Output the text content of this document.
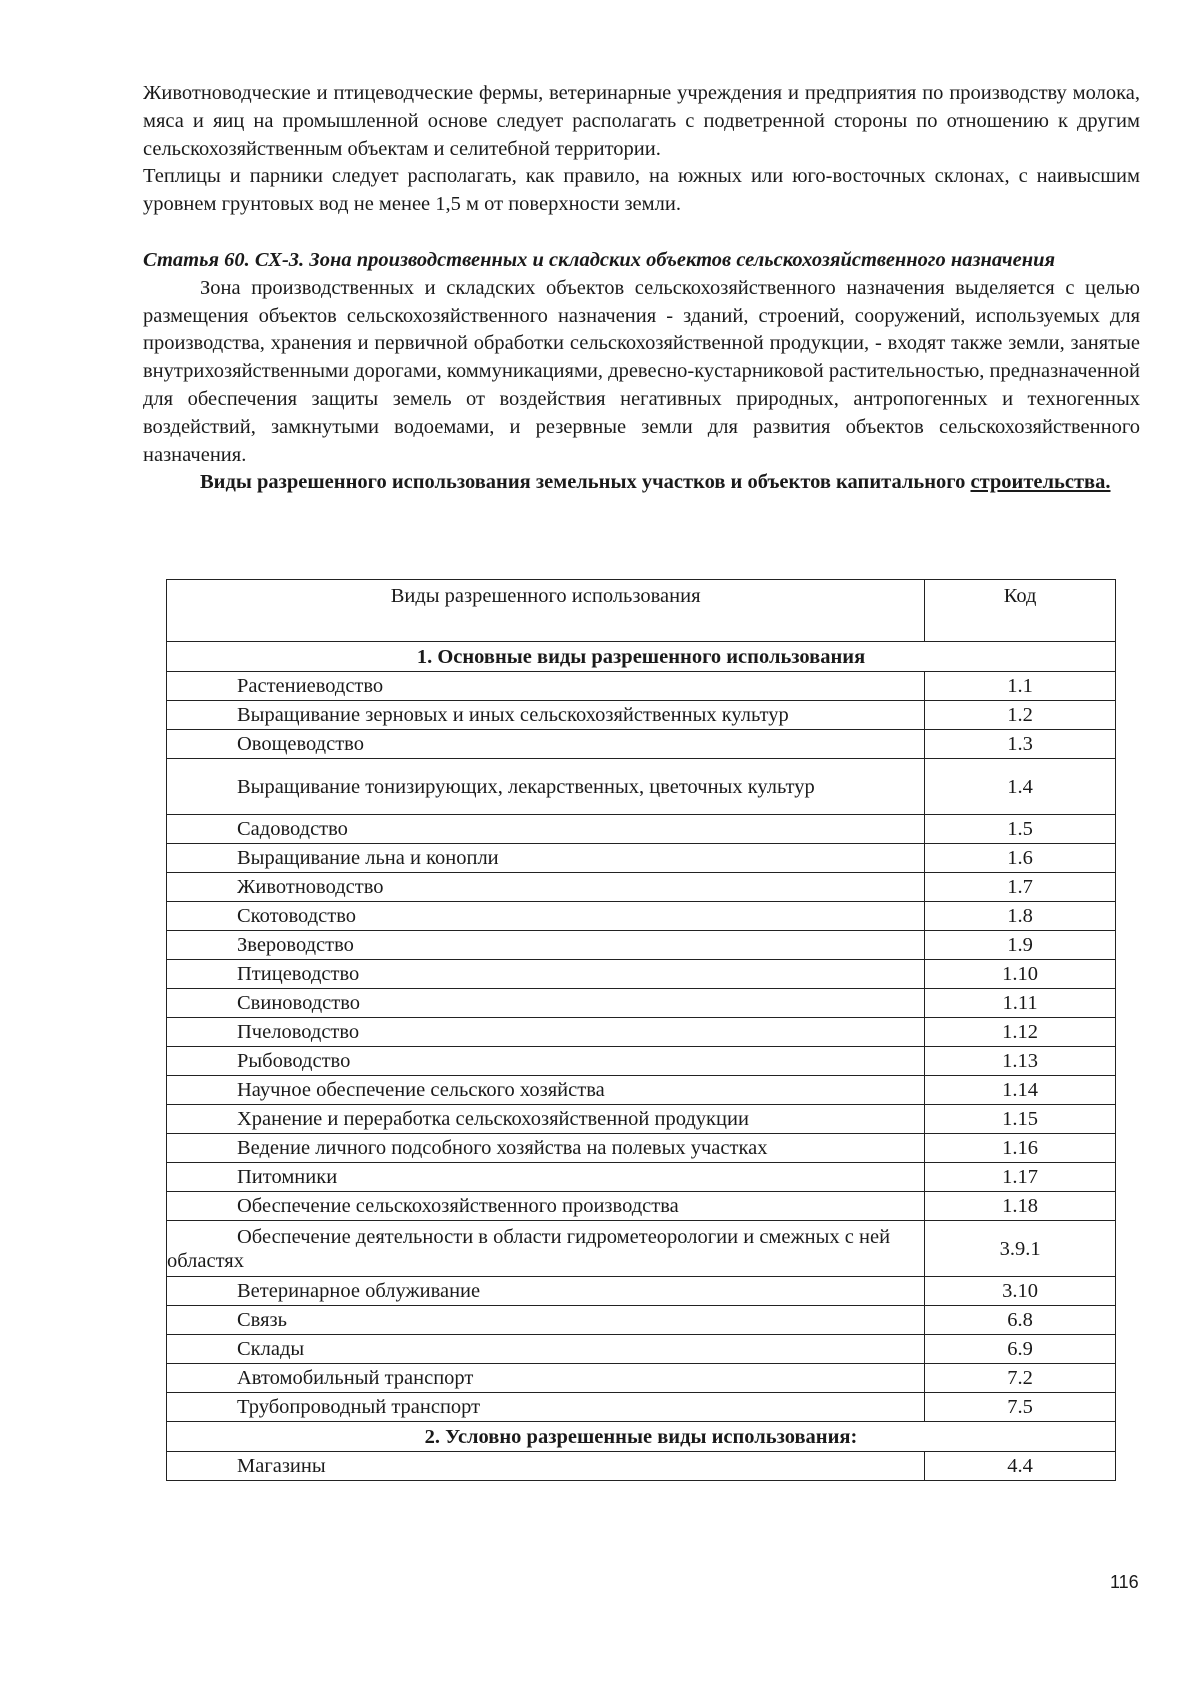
Животноводческие и птицеводческие фермы, ветеринарные учреждения и предприятия по производству молока, мяса и яиц на промышленной основе следует располагать с подветренной стороны по отношению к другим сельскохозяйственным объектам и селитебной территории.

Теплицы и парники следует располагать, как правило, на южных или юго-восточных склонах, с наивысшим уровнем грунтовых вод не менее 1,5 м от поверхности земли.

Статья 60. СХ-3. Зона производственных и складских объектов сельскохозяйственного назначения

Зона производственных и складских объектов сельскохозяйственного назначения выделяется с целью размещения объектов сельскохозяйственного назначения - зданий, строений, сооружений, используемых для производства, хранения и первичной обработки сельскохозяйственной продукции, - входят также земли, занятые внутрихозяйственными дорогами, коммуникациями, древесно-кустарниковой растительностью, предназначенной для обеспечения защиты земель от воздействия негативных природных, антропогенных и техногенных воздействий, замкнутыми водоемами, и резервные земли для развития объектов сельскохозяйственного назначения.

Виды разрешенного использования земельных участков и объектов капитального строительства.

Виды разрешенного использования	Код
1. Основные виды разрешенного использования	

Растениеводство	1.1

Выращивание зерновых и иных сельскохозяйственных культур	1.2

Овощеводство	1.3

Выращивание тонизирующих, лекарственных, цветочных культур	1.4

Садоводство	1.5

Выращивание льна и конопли	1.6

Животноводство	1.7

Скотоводство	1.8

Звероводство	1.9

Птицеводство	1.10

Свиноводство	1.11

Пчеловодство	1.12

Рыбоводство	1.13

Научное обеспечение сельского хозяйства	1.14

Хранение и переработка сельскохозяйственной продукции	1.15

Ведение личного подсобного хозяйства на полевых участках	1.16

Питомники	1.17

Обеспечение сельскохозяйственного производства	1.18

Обеспечение деятельности в области гидрометеорологии и смежных с ней областях	3.9.1

Ветеринарное облуживание	3.10

Связь	6.8

Склады	6.9

Автомобильный транспорт	7.2

Трубопроводный транспорт	7.5
2. Условно разрешенные виды использования:	

Магазины	4.4
116
